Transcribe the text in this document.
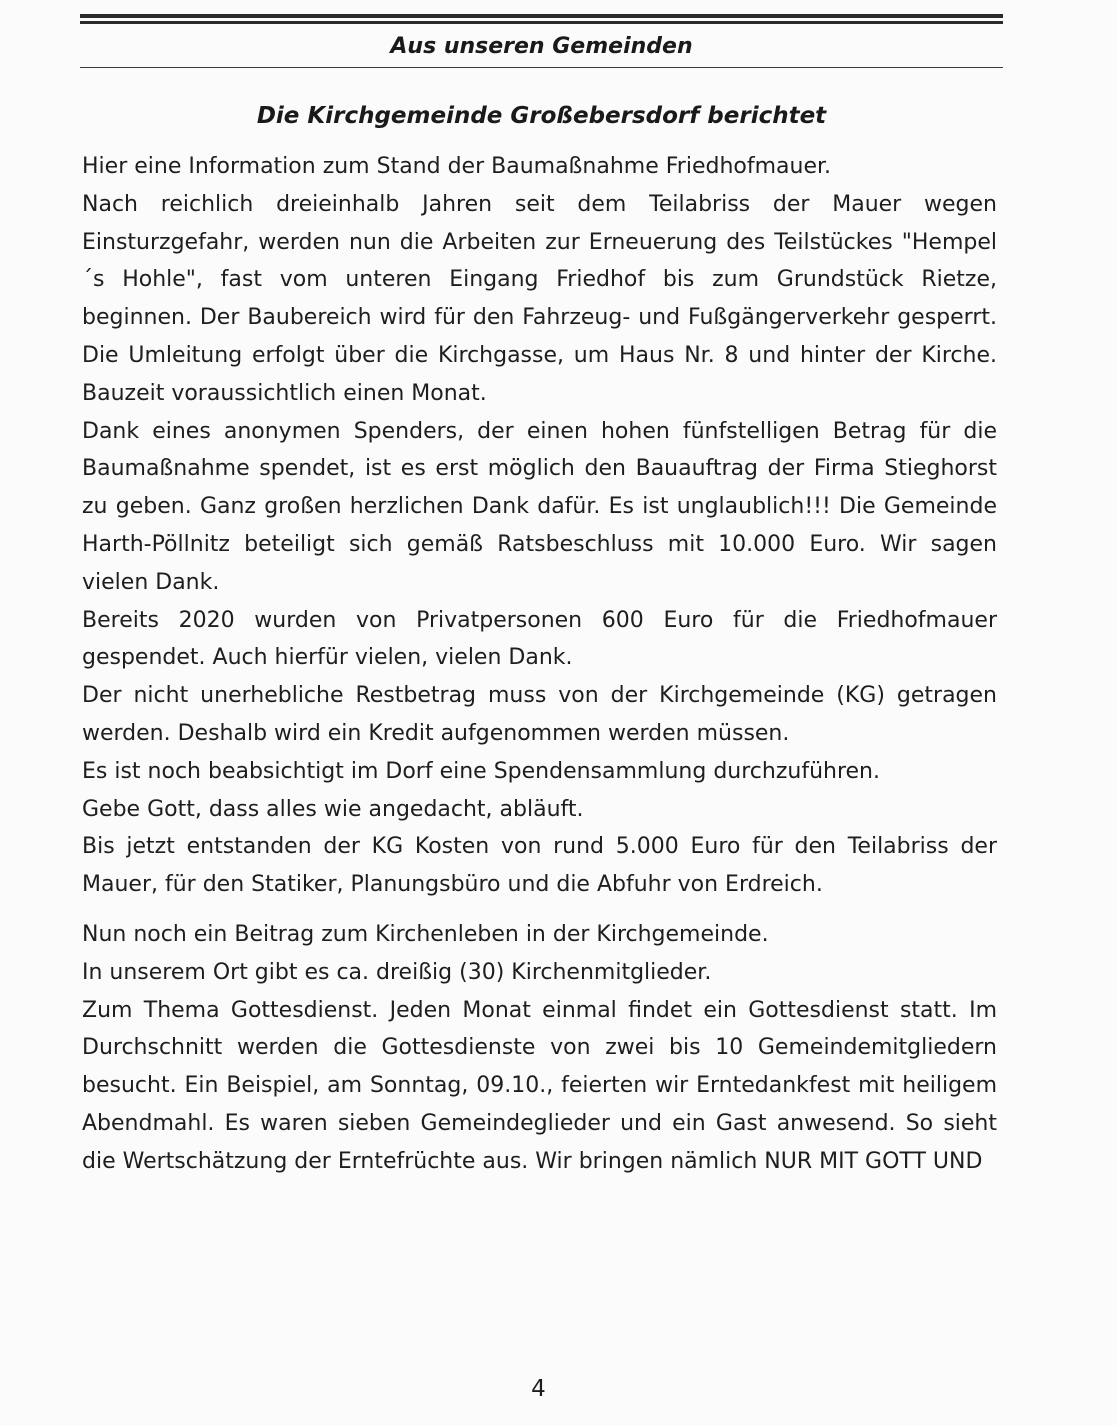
Aus unseren Gemeinden
Die Kirchgemeinde Großebersdorf berichtet

Hier eine Information zum Stand der Baumaßnahme Friedhofmauer.

Nach reichlich dreieinhalb Jahren seit dem Teilabriss der Mauer wegen Einsturzgefahr, werden nun die Arbeiten zur Erneuerung des Teilstückes "Hempel´s Hohle", fast vom unteren Eingang Friedhof bis zum Grundstück Rietze, beginnen. Der Baubereich wird für den Fahrzeug- und Fußgängerverkehr gesperrt. Die Umleitung erfolgt über die Kirchgasse, um Haus Nr. 8 und hinter der Kirche. Bauzeit voraussichtlich einen Monat.

Dank eines anonymen Spenders, der einen hohen fünfstelligen Betrag für die Baumaßnahme spendet, ist es erst möglich den Bauauftrag der Firma Stieghorst zu geben. Ganz großen herzlichen Dank dafür. Es ist unglaublich!!! Die Gemeinde Harth-Pöllnitz beteiligt sich gemäß Ratsbeschluss mit 10.000 Euro. Wir sagen vielen Dank.

Bereits 2020 wurden von Privatpersonen 600 Euro für die Friedhofmauer gespendet. Auch hierfür vielen, vielen Dank.

Der nicht unerhebliche Restbetrag muss von der Kirchgemeinde (KG) getragen werden. Deshalb wird ein Kredit aufgenommen werden müssen.

Es ist noch beabsichtigt im Dorf eine Spendensammlung durchzuführen.

Gebe Gott, dass alles wie angedacht, abläuft.

Bis jetzt entstanden der KG Kosten von rund 5.000 Euro für den Teilabriss der Mauer, für den Statiker, Planungsbüro und die Abfuhr von Erdreich.

Nun noch ein Beitrag zum Kirchenleben in der Kirchgemeinde.

In unserem Ort gibt es ca. dreißig (30) Kirchenmitglieder.

Zum Thema Gottesdienst. Jeden Monat einmal findet ein Gottesdienst statt. Im Durchschnitt werden die Gottesdienste von zwei bis 10 Gemeindemitgliedern besucht. Ein Beispiel, am Sonntag, 09.10., feierten wir Erntedankfest mit heiligem Abendmahl. Es waren sieben Gemeindeglieder und ein Gast anwesend. So sieht die Wertschätzung der Erntefrüchte aus. Wir bringen nämlich NUR MIT GOTT UND

4
